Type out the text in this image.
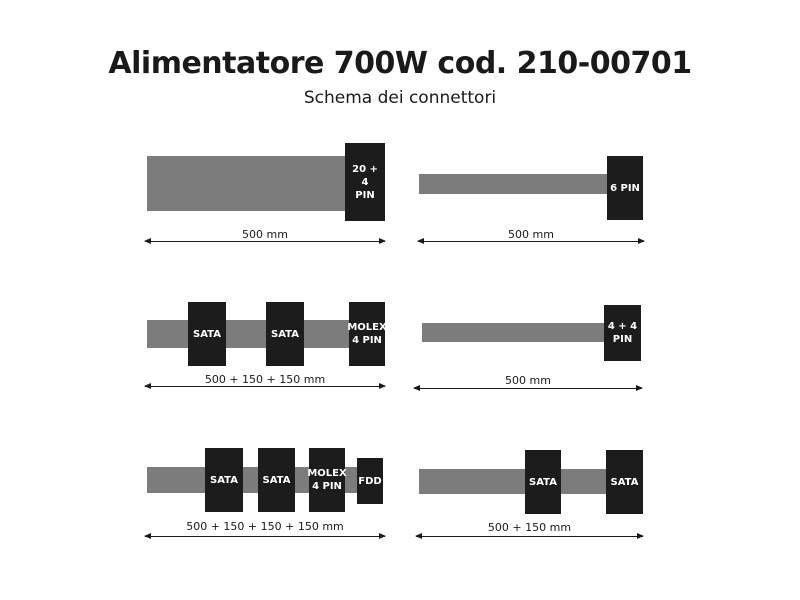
Alimentatore 700W cod. 210-00701
Schema dei connettori
20 + 4
PIN
500 mm
6 PIN
500 mm
SATA	SATA
MOLEX
4 PIN
500 + 150 + 150 mm
4 + 4
PIN
500 mm
SATA	SATA
MOLEX
4 PIN	FDD
500 + 150 + 150 + 150 mm
SATA	SATA
500 + 150 mm
